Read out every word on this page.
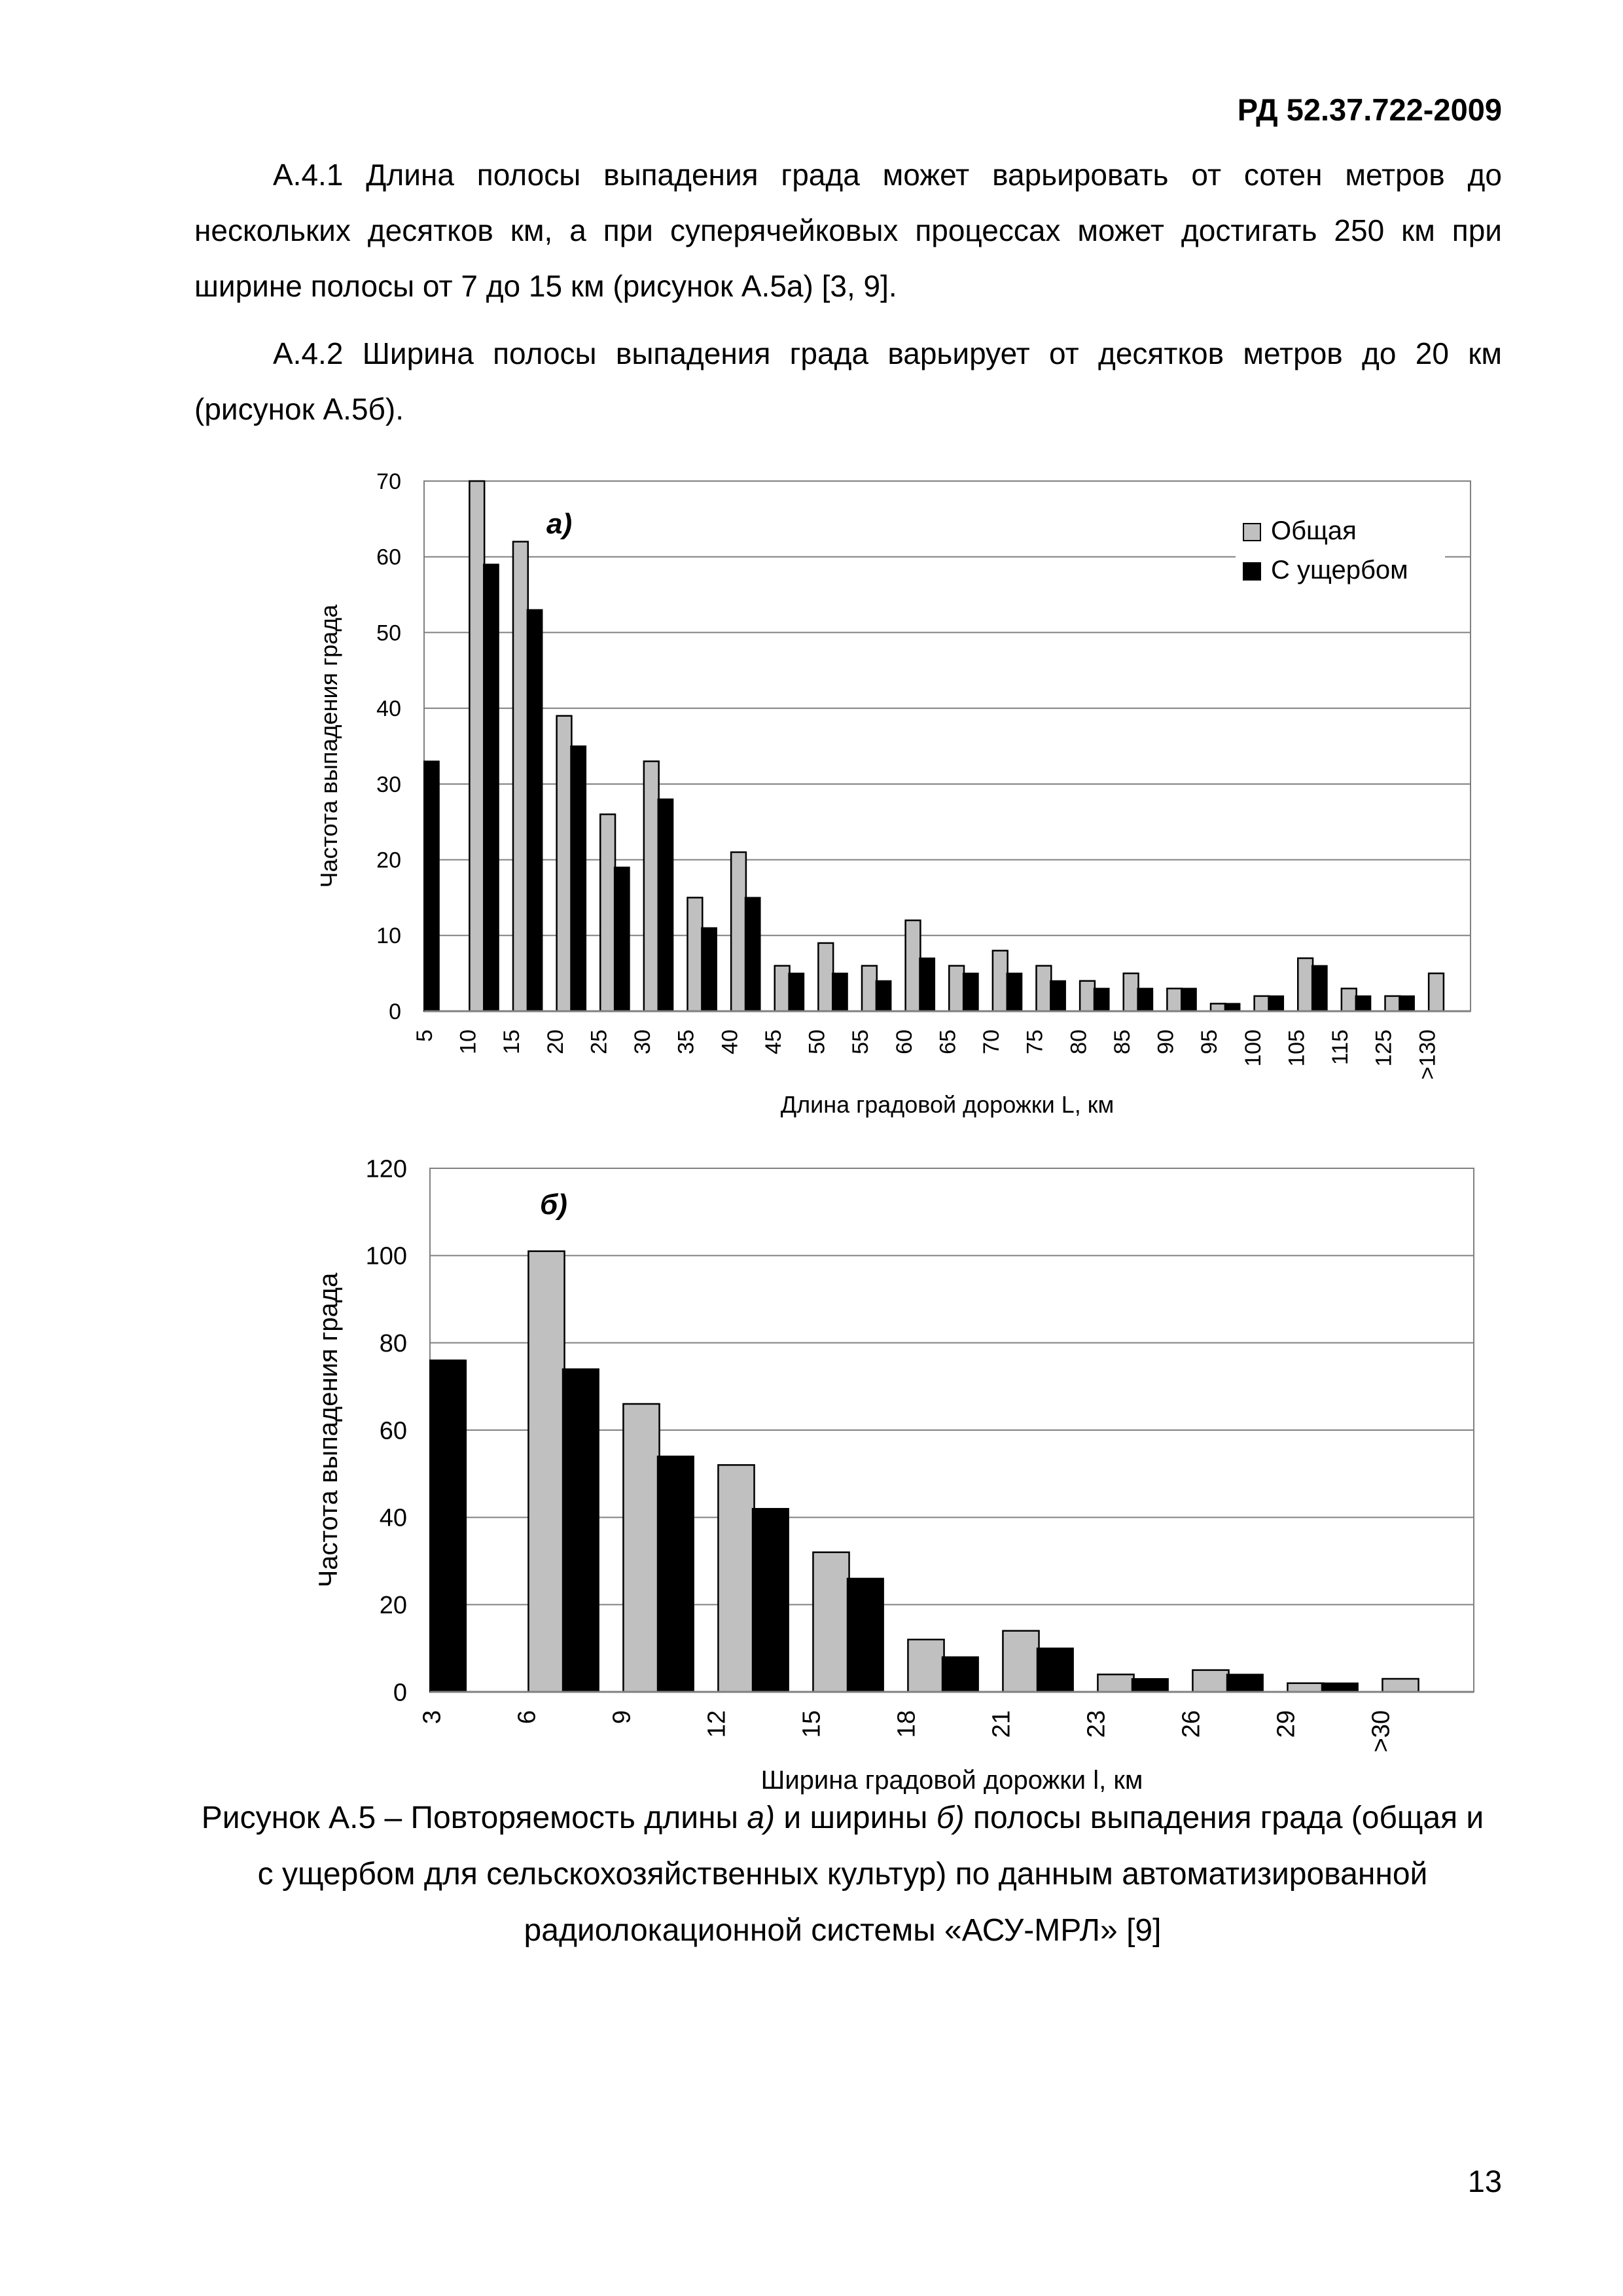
РД 52.37.722-2009

А.4.1 Длина полосы выпадения града может варьировать от сотен метров до нескольких десятков км, а при суперячейковых процессах может достигать 250 км при ширине полосы от 7 до 15 км (рисунок А.5а) [3, 9].

А.4.2 Ширина полосы выпадения града варьирует от десятков метров до 20 км (рисунок А.5б).

0
10
20
30
40
50
60
70
5 10 15 20 25 30 35 40 45 50 55 60 65 70 75 80 85 90 95 100 105 115 125 >130
а)
Частота выпадения града
Длина градовой дорожки L, км
Общая
С ущербом
0
20
40
60
80
100
120
3	6	9	12	15	18	21	23	26	29	>30
б)
Частота выпадения града
Ширина градовой дорожки l, км
Рисунок А.5 – Повторяемость длины а) и ширины б) полосы выпадения града (общая и с ущербом для сельскохозяйственных культур) по данным автоматизированной радиолокационной системы «АСУ-МРЛ» [9]
13
